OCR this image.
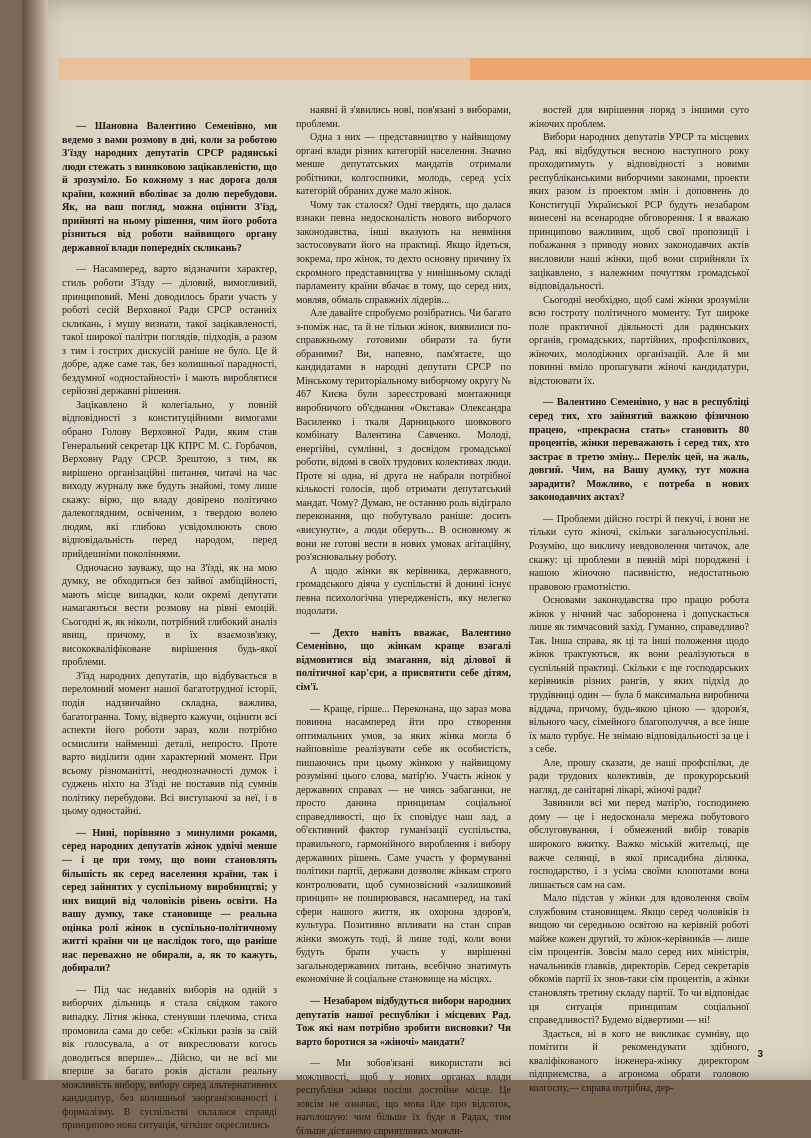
— Шановна Валентино Семенівно, ми ведемо з вами розмову в дні, коли за роботою З'їзду народних депутатів СРСР радянські люди стежать з виняковою зацікавленістю, що й зрозуміло. Бо кожному з нас дорога доля країни, кожний вболіває за долю перебудови. Як, на ваш погляд, можна оцінити З'їзд, прийняті на ньому рішення, чим його робота різниться від роботи найвищого органу державної влади попередніх скликань?

— Насамперед, варто відзначити характер, стиль роботи З'їзду — діловий, вимогливий, принциповий. Мені доводилось брати участь у роботі сесій Верховної Ради СРСР останніх скликань, і мушу визнати, такої зацікавленості, такої широкої палітри поглядів, підходів, а разом з тим і гострих дискусій раніше не було. Це й добре, адже саме так, без колишньої парадності, бездумної «одностайності» і мають вироблятися серйозні державні рішення.

Зацікавлено й колегіально, у повній відповідності з конституційними вимогами обрано Голову Верховної Ради, яким став Генеральний секретар ЦК КПРС М. С. Горбачов, Верховну Раду СРСР. Зрештою, з тим, як вирішено організаційні питання, читачі на час виходу журналу вже будуть знайомі, тому лише скажу: вірю, що владу довірено політично далекоглядним, освіченим, з твердою волею людям, які глибоко усвідомлюють свою відповідальність перед народом, перед прийдешніми поколіннями.

Одночасно зауважу, що на З'їзді, як на мою думку, не обходиться без зайвої амбіційності, мають місце випадки, коли окремі депутати намагаються вести розмову на рівні емоцій. Сьогодні ж, як ніколи, потрібний глибокий аналіз явищ, причому, в їх взаємозв'язку, висококваліфіковане вирішення будь-якої проблеми.

З'їзд народних депутатів, що відбувається в переломний момент нашої багатотрудної історії, подія надзвичайно складна, важлива, багатогранна. Тому, відверто кажучи, оцінити всі аспекти його роботи зараз, коли потрібно осмислити найменші деталі, непросто. Проте варто виділити один характерний момент. При всьому різноманітті, неоднозначності думок і суджень ніхто на З'їзді не поставив під сумнів політику перебудови. Всі виступаючі за неї, і в цьому одностайні.

— Нині, порівняно з минулими роками, серед народних депутатів жінок удвічі менше — і це при тому, що вони становлять більшість як серед населення країни, так і серед зайнятих у суспільному виробництві; у них вищий від чоловіків рівень освіти. На вашу думку, таке становище — реальна оцінка ролі жінок в суспільно-політичному житті країни чи це наслідок того, що раніше нас переважно не обирали, а, як то кажуть, добирали?

— Під час недавніх виборів на одній з виборчих дільниць я стала свідком такого випадку. Літня жінка, стенувши плечима, стиха промовила сама до себе: «Скільки разів за свій вік голосувала, а от викреслювати когось доводиться вперше»... Дійсно, чи не всі ми вперше за багато років дістали реальну можливість вибору, вибору серед альтернативних кандидатур, без колишньої заорганізованості і формалізму. В суспільстві склалася справді принципово нова ситуація, чіткіше окреслились

наявні й з'явились нові, пов'язані з виборами, проблеми.

Одна з них — представництво у найвищому органі влади різних категорій населення. Значно менше депутатських мандатів отримали робітники, колгоспники, молодь, серед усіх категорій обраних дуже мало жінок.

Чому так сталося? Одні твердять, що далася взнаки певна недосконалість нового виборчого законодавства, інші вказують на невміння застосовувати його на практиці. Якщо йдеться, зокрема, про жінок, то дехто основну причину їх скромного представництва у нинішньому складі парламенту країни вбачає в тому, що серед них, мовляв, обмаль справжніх лідерів...

Але давайте спробуємо розібратись. Чи багато з-поміж нас, та й не тільки жінок, виявилися по-справжньому готовими обирати та бути обраними? Ви, напевно, пам'ятаєте, що кандидатами в народні депутати СРСР по Мінському територіальному виборчому округу № 467 Києва були зареєстровані монтажниця виробничого об'єднання «Окстава» Олександра Василенко і ткаля Дарницького шовкового комбінату Валентина Савченко. Молоді, енергійні, сумлінні, з досвідом громадської роботи, відомі в своїх трудових колективах люди. Проте ні одна, ні друга не набрали потрібної кількості голосів, щоб отримати депутатський мандат. Чому? Думаю, не останню роль відіграло переконання, що побутувало раніше: досить «висунути», а люди оберуть... В основному ж вони не готові вести в нових умовах агітаційну, роз'яснювальну роботу.

А щодо жінки як керівника, державного, громадського діяча у суспільстві й донині існує певна психологічна упередженість, яку нелегко подолати.

— Дехто навіть вважає, Валентино Семенівно, що жінкам краще взагалі відмовитися від змагання, від ділової й політичної кар'єри, а присвятити себе дітям, сім'ї.

— Краще, гірше... Переконана, що зараз мова повинна насамперед йти про створення оптимальних умов, за яких жінка могла б найповніше реалізувати себе як особистість, пишаючись при цьому жінкою у найвищому розумінні цього слова, матір'ю. Участь жінок у державних справах — не чиясь забаганки, не просто данина принципам соціальної справедливості, що їх сповідує наш лад, а об'єктивний фактор гуманізації суспільства, правильного, гармонійного вироблення і вибору державних рішень. Саме участь у формуванні політики партії, держави дозволяє жінкам строго контролювати, щоб сумнозвісний «залишковий принцип» не поширювався, насамперед, на такі сфери нашого життя, як охорона здоров'я, культура. Позитивно впливати на стан справ жінки зможуть тоді, й лише тоді, коли вони будуть брати участь у вирішенні загальнодержавних питань, всебічно знатимуть економічне й соціальне становище на місцях.

— Незабаром відбудуться вибори народних депутатів нашої республіки і місцевих Рад. Тож які нам потрібно зробити висновки? Чи варто боротися за «жіночі» мандати?

— Ми зобов'язані використати всі можливості, щоб у нових органах влади республіки жінки посіли достойне місце. Це зовсім не означає, що мова йде про відсоток, наголошую: чим більше їх буде в Радах, тим більше дістанемо сприятливих можли-

востей для вирішення поряд з іншими суто жіночих проблем.

Вибори народних депутатів УРСР та місцевих Рад, які відбудуться весною наступного року проходитимуть у відповідності з новими республіканськими виборчими законами, проекти яких разом із проектом змін і доповнень до Конституції Української РСР будуть незабаром винесені на всенародне обговорення. І я вважаю принципово важливим, щоб свої пропозиції і побажання з приводу нових законодавчих актів висловили наші жінки, щоб вони сприйняли їх зацікавлено, з належним почуттям громадської відповідальності.

Сьогодні необхідно, щоб самі жінки зрозуміли всю гостроту політичного моменту. Тут широке поле практичної діяльності для радянських органів, громадських, партійних, профспілкових, жіночих, молодіжних організацій. Але й ми повинні вміло пропагувати жіночі кандидатури, відстоювати їх.

— Валентино Семенівно, у нас в республіці серед тих, хто зайнятий важкою фізичною працею, «прекрасна стать» становить 80 процентів, жінки переважають і серед тих, хто застрає в третю зміну... Перелік цей, на жаль, довгий. Чим, на Вашу думку, тут можна зарадити? Можливо, є потреба в нових законодавчих актах?

— Проблеми дійсно гострі й пекучі, і вони не тільки суто жіночі, скільки загальносуспільні. Розумію, що викличу невдоволення читачок, але скажу: ці проблеми в певній мірі породжені і нашою жіночою пасивністю, недостатньою правовою грамотністю.

Основами законодавства про працю робота жінок у нічний час заборонена і допускається лише як тимчасовий захід. Гуманно, справедливо? Так. Інша справа, як ці та інші положення щодо жінок трактуються, як вони реалізуються в суспільній практиці. Скільки є ще господарських керівників різних рангів, у яких підхід до трудівниці один — була б максимальна виробнича віддача, причому, будь-якою ціною — здоров'я, вільного часу, сімейного благополуччя, а все інше їх мало турбує. Не знімаю відповідальності за це і з себе.

Але, прошу сказати, де наші профспілки, де ради трудових колективів, де прокурорський нагляд, де санітарні лікарі, жіночі ради?

Завинили всі ми перед матір'ю, господинею дому — це і недосконала мережа побутового обслуговування, і обмежений вибір товарів широкого вжитку. Важко міській жительці, ще важче селянці, в якої присадибна ділянка, господарство, і з усіма своїми клопотами вона лишається сам на сам.

Мало підстав у жінки для вдоволення своїм службовим становищем. Якщо серед чоловіків із вищою чи середньою освітою на керівній роботі майже кожен другий, то жінок-керівників — лише сім процентів. Зовсім мало серед них міністрів, начальників главків, директорів. Серед секретарів обкомів партії їх знов-таки сім процентів, а жінки становлять третину складу партії. То чи відповідає ця ситуація принципам соціальної справедливості? Будемо відвертими — ні!

Здається, ні в кого не викликає сумніву, що помітити й рекомендувати здібного, кваліфікованого інженера-жінку директором підприємства, а агронома обрати головою колгоспу,— справа потрібна, дер-

3
